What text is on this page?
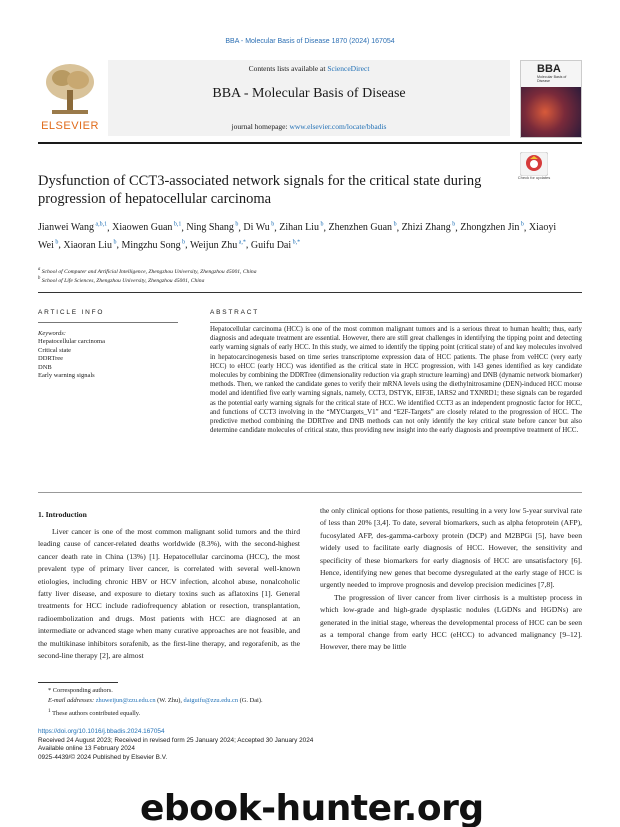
BBA - Molecular Basis of Disease 1870 (2024) 167054
ELSEVIER
Contents lists available at ScienceDirect
BBA - Molecular Basis of Disease
journal homepage: www.elsevier.com/locate/bbadis
BBA
Molecular Basis of Disease
Check for updates
Dysfunction of CCT3-associated network signals for the critical state during progression of hepatocellular carcinoma
Jianwei Wang $^{a,b,1}$, Xiaowen Guan $^{b,1}$, Ning Shang $^b$, Di Wu $^b$, Zihan Liu $^b$, Zhenzhen Guan $^b$, Zhizi Zhang $^b$, Zhongzhen Jin $^b$, Xiaoyi Wei $^b$, Xiaoran Liu $^b$, Mingzhu Song $^b$, Weijun Zhu $^{a,*}$, Guifu Dai $^{b,*}$
$^a$ School of Computer and Artificial Intelligence, Zhengzhou University, Zhengzhou 45001, China
$^b$ School of Life Sciences, Zhengzhou University, Zhengzhou 45001, China
ARTICLE INFO
Keywords:
Hepatocellular carcinoma
Critical state
DDRTree
DNB
Early warning signals
ABSTRACT
Hepatocellular carcinoma (HCC) is one of the most common malignant tumors and is a serious threat to human health; thus, early diagnosis and adequate treatment are essential. However, there are still great challenges in identifying the tipping point and detecting early warning signals of early HCC. In this study, we aimed to identify the tipping point (critical state) of and key molecules involved in hepatocarcinogenesis based on time series transcriptome expression data of HCC patients. The phase from veHCC (very early HCC) to eHCC (early HCC) was identified as the critical state in HCC progression, with 143 genes identified as key candidate molecules by combining the DDRTree (dimensionality reduction via graph structure learning) and DNB (dynamic network biomarker) methods. Then, we ranked the candidate genes to verify their mRNA levels using the diethylnitrosamine (DEN)-induced HCC mouse model and identified five early warning signals, namely, CCT3, DSTYK, EIF3E, IARS2 and TXNRD1; these signals can be regarded as the potential early warning signals for the critical state of HCC. We identified CCT3 as an independent prognostic factor for HCC, and functions of CCT3 involving in the “MYCtargets_V1” and “E2F-Targets” are closely related to the progression of HCC. The predictive method combining the DDRTree and DNB methods can not only identify the key critical state before cancer but also determine candidate molecules of critical state, thus providing new insight into the early diagnosis and preemptive treatment of HCC.
1. Introduction

Liver cancer is one of the most common malignant solid tumors and the third leading cause of cancer-related deaths worldwide (8.3%), with the second-highest cancer death rate in China (13%) [1]. Hepatocellular carcinoma (HCC), the most prevalent type of primary liver cancer, is correlated with several well-known etiologies, including chronic HBV or HCV infection, alcohol abuse, nonalcoholic fatty liver disease, and exposure to dietary toxins such as aflatoxins [1]. General treatments for HCC include radiofrequency ablation or resection, transplantation, radioembolization and drugs. Most patients with HCC are diagnosed at an intermediate or advanced stage when many curative approaches are not feasible, and the multikinase inhibitors sorafenib, as the first-line therapy, and regorafenib, as the second-line therapy [2], are almost

the only clinical options for those patients, resulting in a very low 5-year survival rate of less than 20% [3,4]. To date, several biomarkers, such as alpha fetoprotein (AFP), fucosylated AFP, des-gamma-carboxy protein (DCP) and M2BPGi [5], have been widely used to facilitate early diagnosis of HCC. However, the sensitivity and specificity of these biomarkers for early diagnosis of HCC are unsatisfactory [6]. Hence, identifying new genes that become dysregulated at the early stage of HCC is urgently needed to improve prognosis and develop precision medicines [7,8].

The progression of liver cancer from liver cirrhosis is a multistep process in which low-grade and high-grade dysplastic nodules (LGDNs and HGDNs) are generated in the initial stage, whereas the developmental process of HCC can be seen as a temporal change from early HCC (eHCC) to advanced malignancy [9–12]. However, there may be little

* Corresponding authors.
E-mail addresses: zhuweijun@zzu.edu.cn (W. Zhu), daiguifu@zzu.edu.cn (G. Dai).
$^1$ These authors contributed equally.
https://doi.org/10.1016/j.bbadis.2024.167054
Received 24 August 2023; Received in revised form 25 January 2024; Accepted 30 January 2024
Available online 13 February 2024
0925-4439/© 2024 Published by Elsevier B.V.
ebook-hunter.org
